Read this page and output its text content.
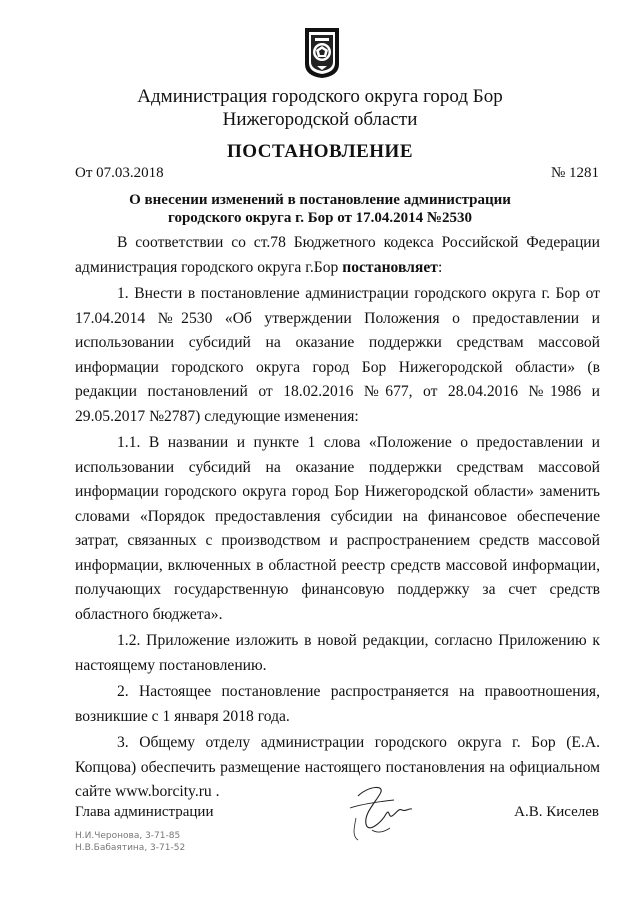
Администрация городского округа город Бор
Нижегородской области
ПОСТАНОВЛЕНИЕ
От 07.03.2018	№ 1281
О внесении изменений в постановление администрации
городского округа г. Бор от 17.04.2014 №2530

В соответствии со ст.78 Бюджетного кодекса Российской Федерации администрация городского округа г.Бор постановляет:

1. Внести в постановление администрации городского округа г. Бор от 17.04.2014 №2530 «Об утверждении Положения о предоставлении и использовании субсидий на оказание поддержки средствам массовой информации городского округа город Бор Нижегородской области» (в редакции постановлений от 18.02.2016 №677, от 28.04.2016 №1986 и 29.05.2017 №2787) следующие изменения:

1.1. В названии и пункте 1 слова «Положение о предоставлении и использовании субсидий на оказание поддержки средствам массовой информации городского округа город Бор Нижегородской области» заменить словами «Порядок предоставления субсидии на финансовое обеспечение затрат, связанных с производством и распространением средств массовой информации, включенных в областной реестр средств массовой информации, получающих государственную финансовую поддержку за счет средств областного бюджета».

1.2. Приложение изложить в новой редакции, согласно Приложению к настоящему постановлению.

2. Настоящее постановление распространяется на правоотношения, возникшие с 1 января 2018 года.

3. Общему отделу администрации городского округа г. Бор (Е.А. Копцова) обеспечить размещение настоящего постановления на официальном сайте www.borcity.ru .

Глава администрации	А.В. Киселев
Н.И.Черонова, 3-71-85
Н.В.Бабаятина, 3-71-52
